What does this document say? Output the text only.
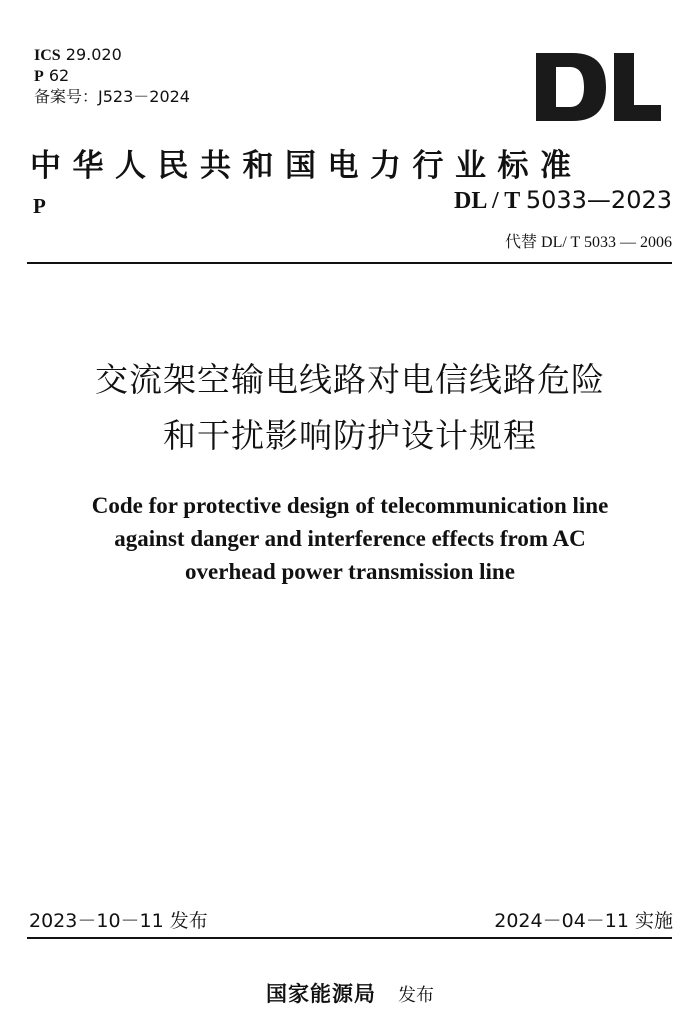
ICS 29.020
P 62
备案号：J523－2024
中华人民共和国电力行业标准
P	DL / T 5033—2023
代替 DL/ T 5033 — 2006
交流架空输电线路对电信线路危险
和干扰影响防护设计规程
Code for protective design of telecommunication line
against danger and interference effects from AC
overhead power transmission line
2023－10－11 发布	2024－04－11 实施
国家能源局 发布
